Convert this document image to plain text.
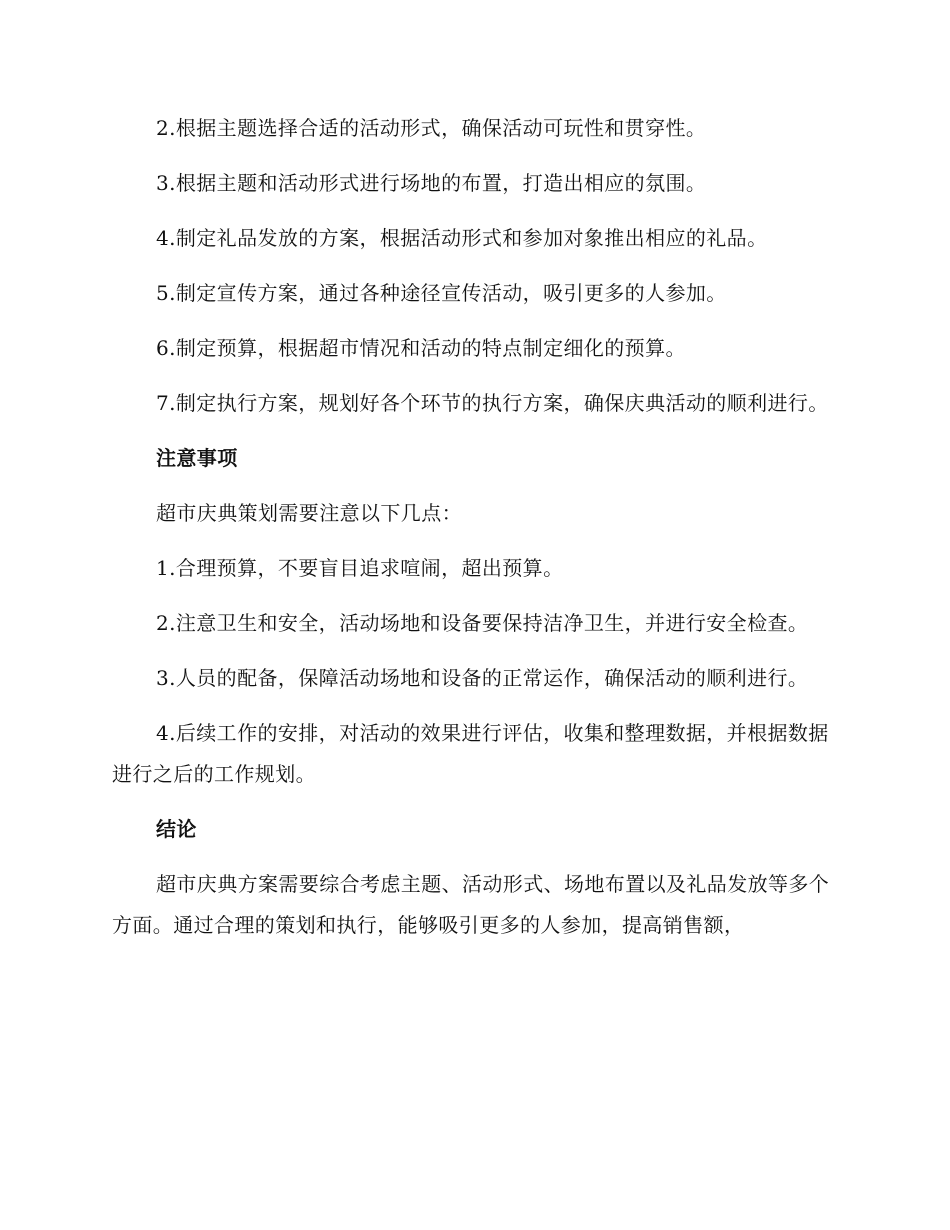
2.根据主题选择合适的活动形式，确保活动可玩性和贯穿性。

3.根据主题和活动形式进行场地的布置，打造出相应的氛围。

4.制定礼品发放的方案，根据活动形式和参加对象推出相应的礼品。

5.制定宣传方案，通过各种途径宣传活动，吸引更多的人参加。

6.制定预算，根据超市情况和活动的特点制定细化的预算。

7.制定执行方案，规划好各个环节的执行方案，确保庆典活动的顺利进行。

注意事项

超市庆典策划需要注意以下几点：

1.合理预算，不要盲目追求喧闹，超出预算。

2.注意卫生和安全，活动场地和设备要保持洁净卫生，并进行安全检查。

3.人员的配备，保障活动场地和设备的正常运作，确保活动的顺利进行。

4.后续工作的安排，对活动的效果进行评估，收集和整理数据，并根据数据进行之后的工作规划。

结论

超市庆典方案需要综合考虑主题、活动形式、场地布置以及礼品发放等多个方面。通过合理的策划和执行，能够吸引更多的人参加，提高销售额，
